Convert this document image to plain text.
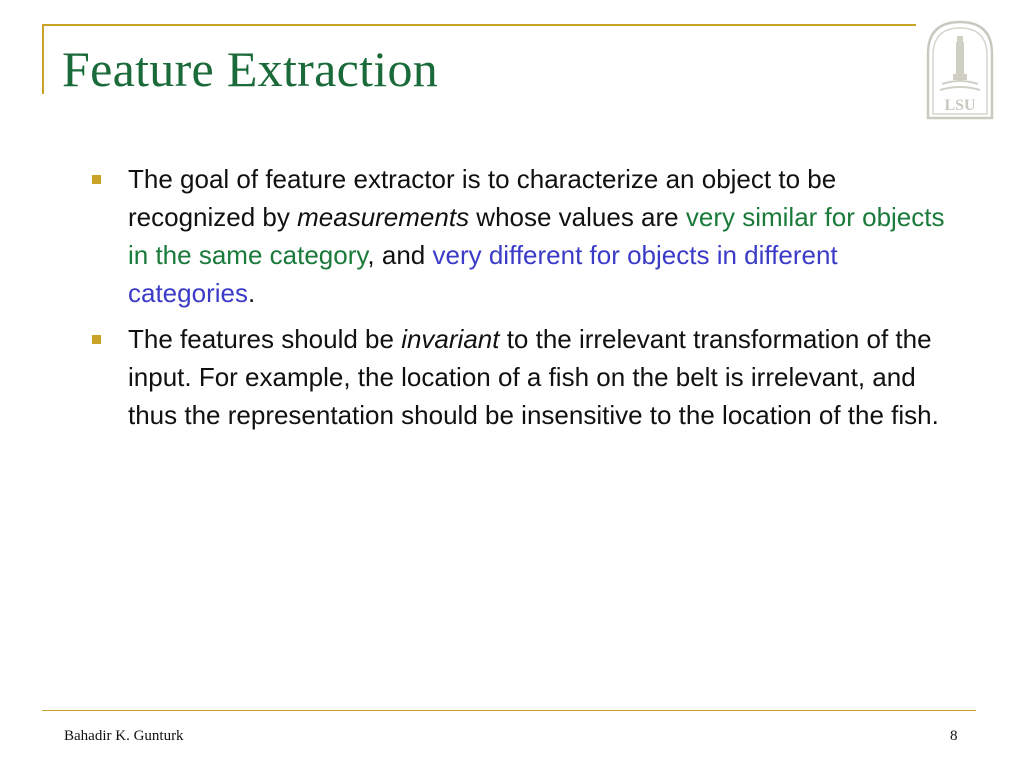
Feature Extraction
LSU
The goal of feature extractor is to characterize an object to be recognized by measurements whose values are very similar for objects in the same category, and very different for objects in different categories.
The features should be invariant to the irrelevant transformation of the input. For example, the location of a fish on the belt is irrelevant, and thus the representation should be insensitive to the location of the fish.
Bahadir K. Gunturk	8
